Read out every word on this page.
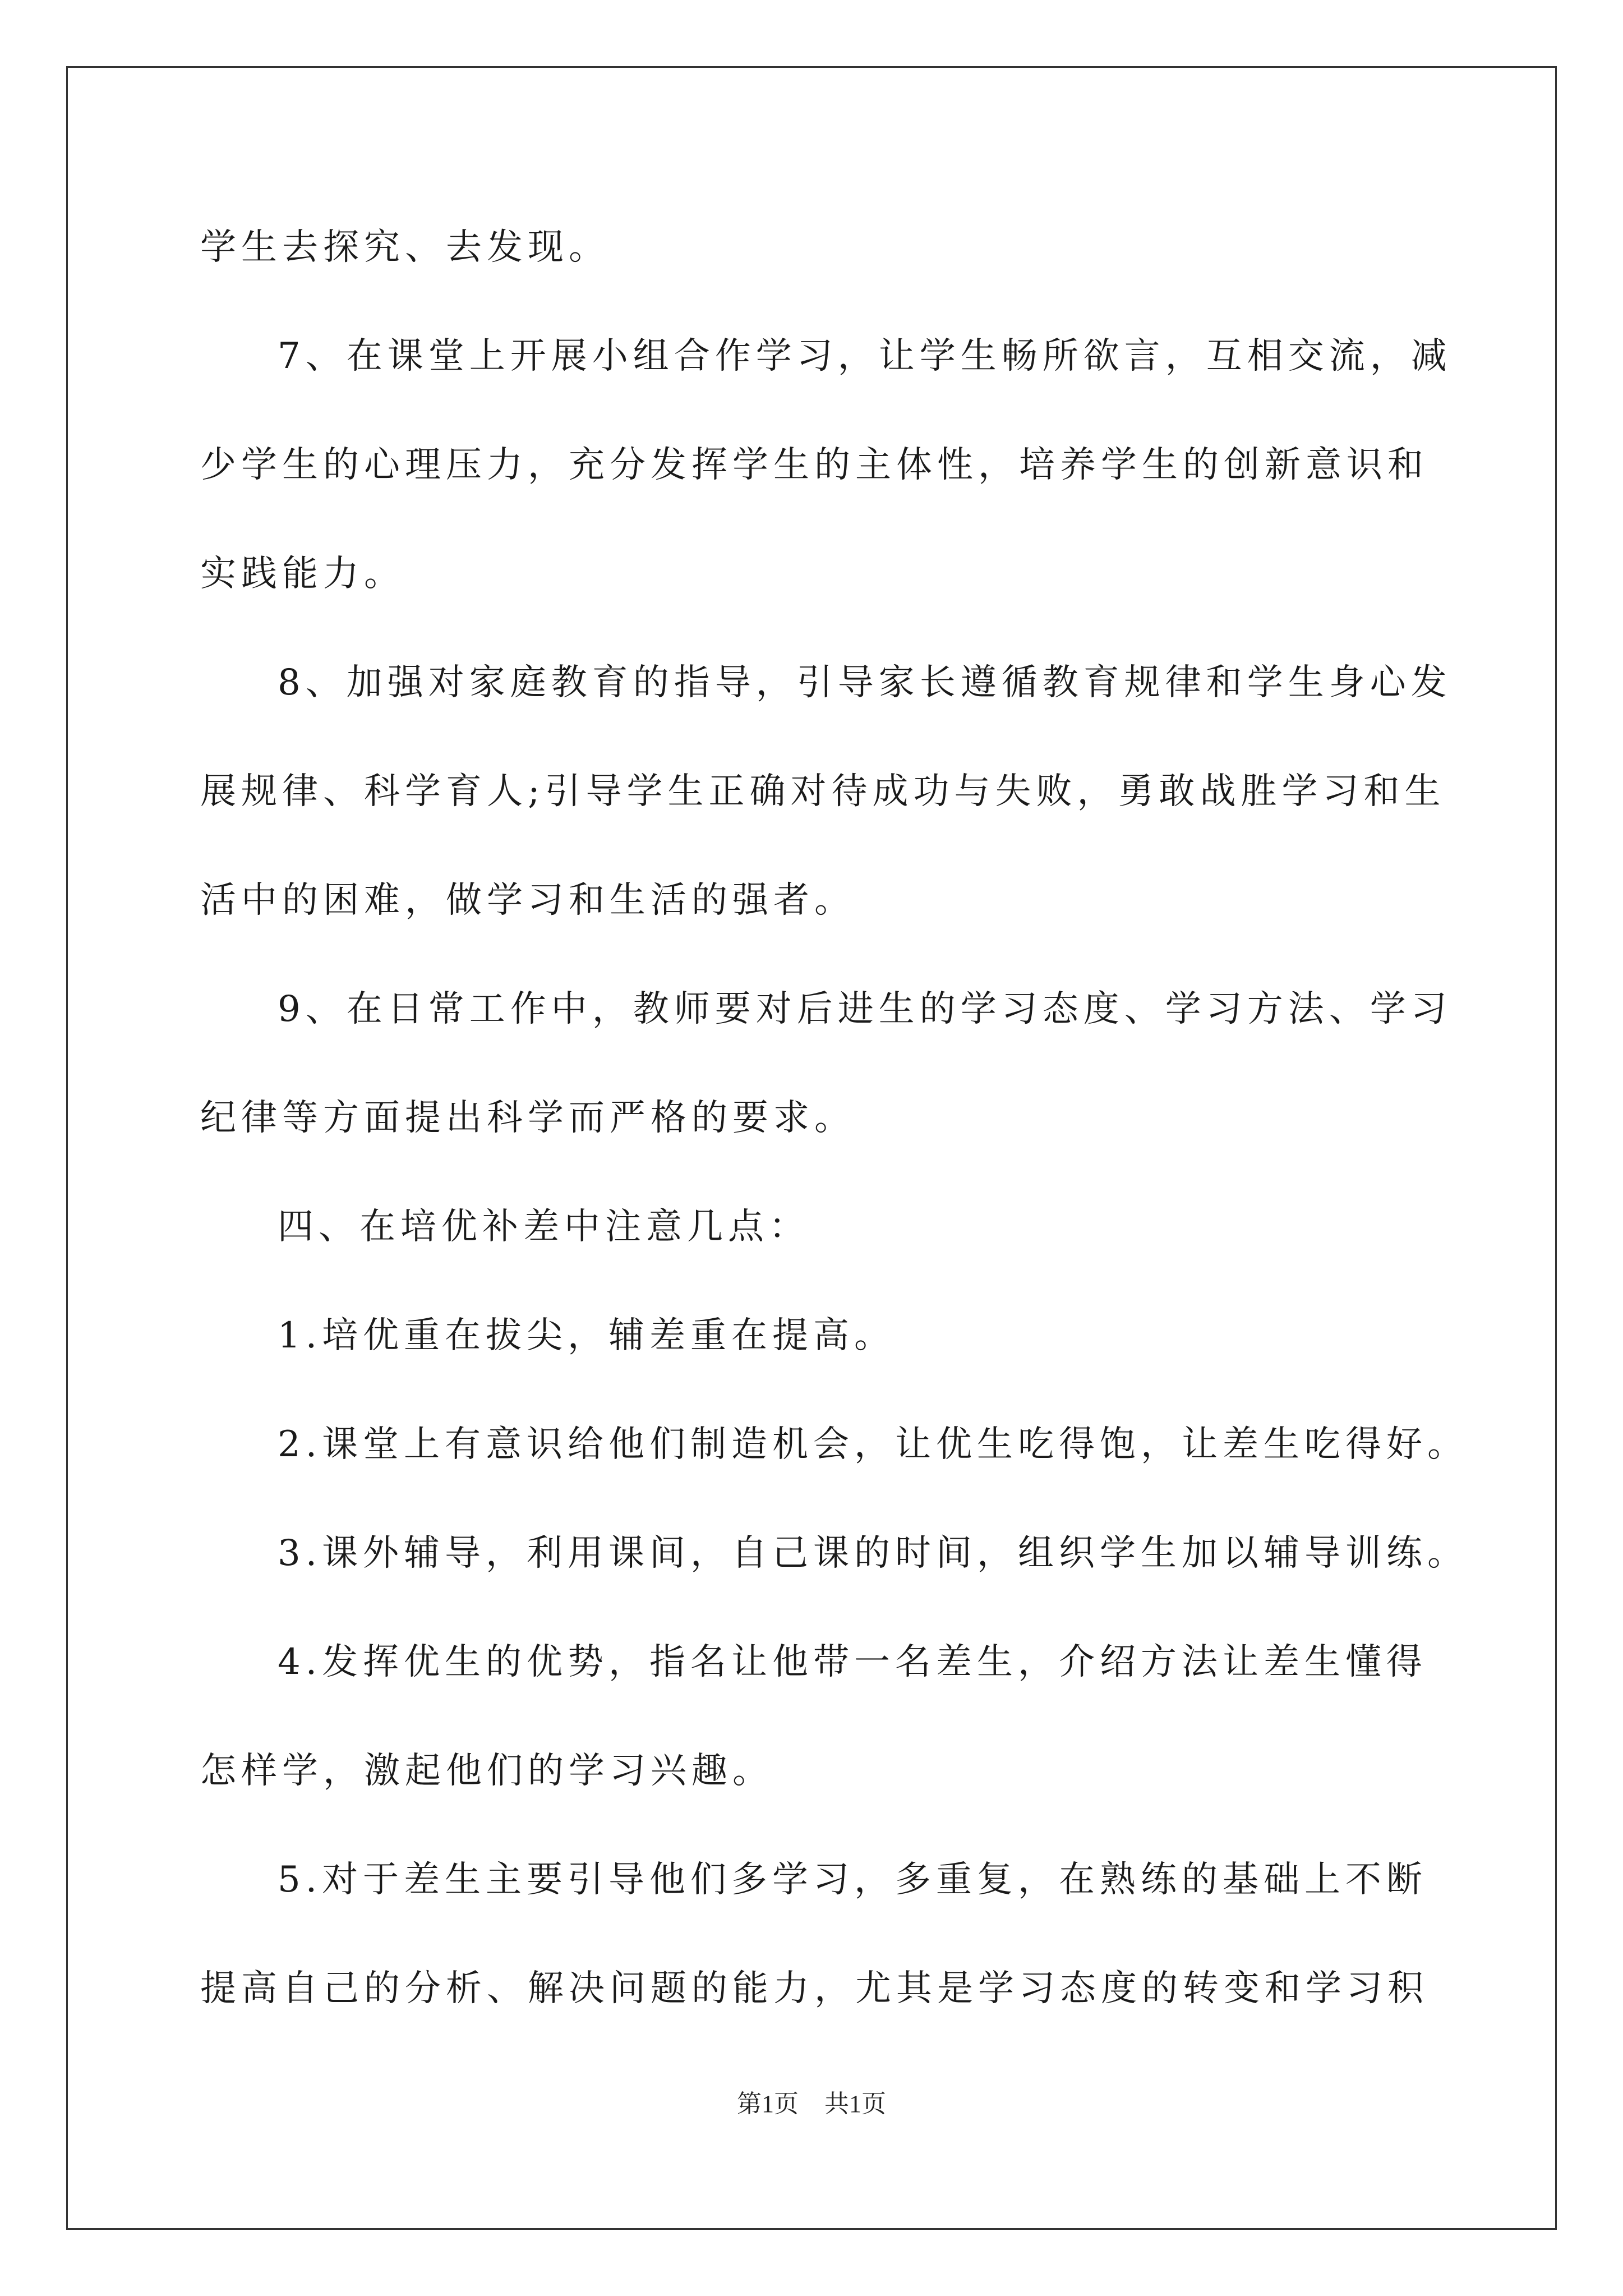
学生去探究、去发现。

7、在课堂上开展小组合作学习，让学生畅所欲言，互相交流，减

少学生的心理压力，充分发挥学生的主体性，培养学生的创新意识和

实践能力。

8、加强对家庭教育的指导，引导家长遵循教育规律和学生身心发

展规律、科学育人;引导学生正确对待成功与失败，勇敢战胜学习和生

活中的困难，做学习和生活的强者。

9、在日常工作中，教师要对后进生的学习态度、学习方法、学习

纪律等方面提出科学而严格的要求。

四、在培优补差中注意几点：

1.培优重在拔尖，辅差重在提高。

2.课堂上有意识给他们制造机会，让优生吃得饱，让差生吃得好。

3.课外辅导，利用课间，自己课的时间，组织学生加以辅导训练。

4.发挥优生的优势，指名让他带一名差生，介绍方法让差生懂得

怎样学，激起他们的学习兴趣。

5.对于差生主要引导他们多学习，多重复，在熟练的基础上不断

提高自己的分析、解决问题的能力，尤其是学习态度的转变和学习积

第1页 共1页
